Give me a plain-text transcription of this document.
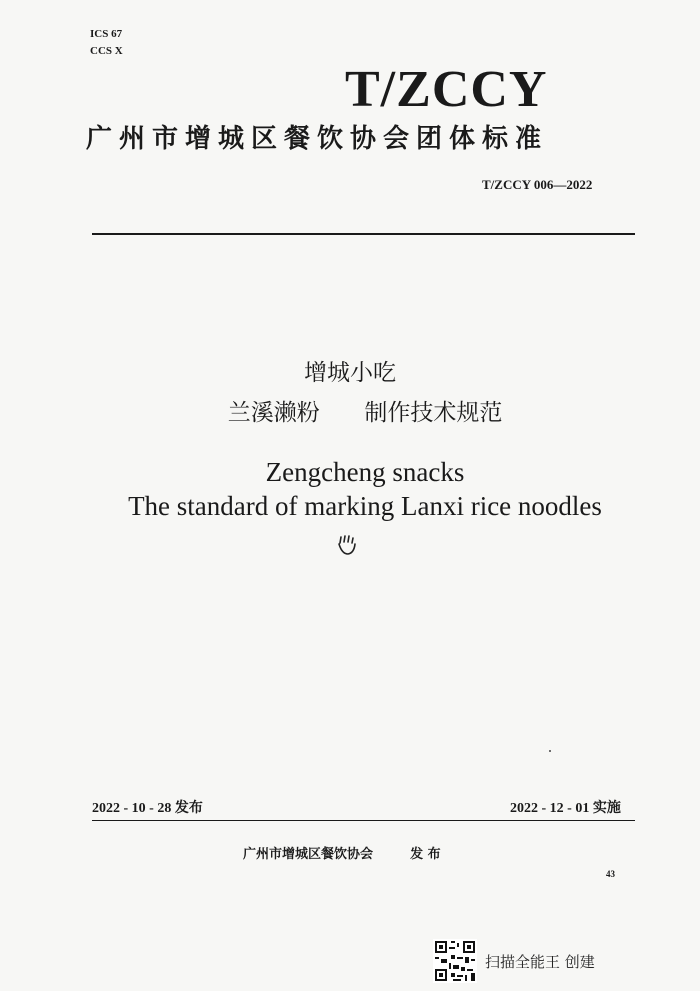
ICS 67
CCS X
T/ZCCY
广州市增城区餐饮协会团体标准
T/ZCCY 006—2022
增城小吃
兰溪濑粉 制作技术规范
Zengcheng snacks
The standard of marking Lanxi rice noodles
2022 - 10 - 28 发布	2022 - 12 - 01 实施
广州市增城区餐饮协会	发 布
43
扫描全能王 创建
